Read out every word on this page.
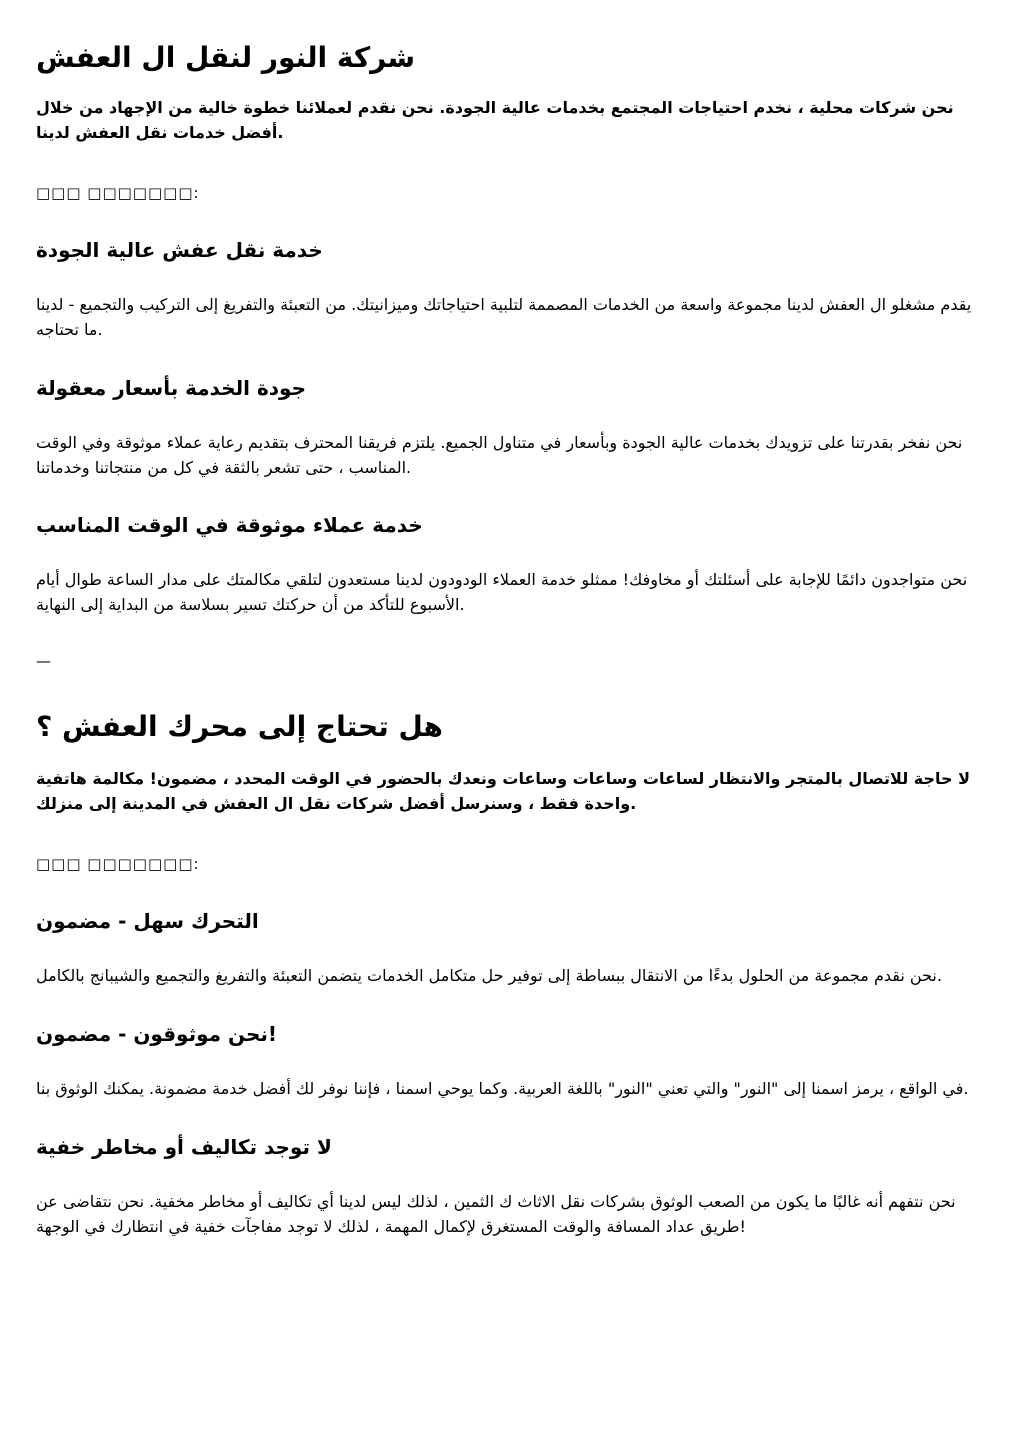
شركة النور لنقل ال العفش

نحن شركات محلية ، نخدم احتياجات المجتمع بخدمات عالية الجودة. نحن نقدم لعملائنا خطوة خالية من الإجهاد من خلال أفضل خدمات نقل العفش لدينا.

□□□ □□□□□□□:

خدمة نقل عفش عالية الجودة

يقدم مشغلو ال العفش لدينا مجموعة واسعة من الخدمات المصممة لتلبية احتياجاتك وميزانيتك. من التعبئة والتفريغ إلى التركيب والتجميع - لدينا ما تحتاجه.

جودة الخدمة بأسعار معقولة

نحن نفخر بقدرتنا على تزويدك بخدمات عالية الجودة وبأسعار في متناول الجميع. يلتزم فريقنا المحترف بتقديم رعاية عملاء موثوقة وفي الوقت المناسب ، حتى تشعر بالثقة في كل من منتجاتنا وخدماتنا.

خدمة عملاء موثوقة في الوقت المناسب

نحن متواجدون دائمًا للإجابة على أسئلتك أو مخاوفك! ممثلو خدمة العملاء الودودون لدينا مستعدون لتلقي مكالمتك على مدار الساعة طوال أيام الأسبوع للتأكد من أن حركتك تسير بسلاسة من البداية إلى النهاية.

—
هل تحتاج إلى محرك العفش ؟

لا حاجة للاتصال بالمتجر والانتظار لساعات وساعات وساعات ونعدك بالحضور في الوقت المحدد ، مضمون! مكالمة هاتفية واحدة فقط ، وسنرسل أفضل شركات نقل ال العفش في المدينة إلى منزلك.

□□□ □□□□□□□:

التحرك سهل - مضمون

نحن نقدم مجموعة من الحلول بدءًا من الانتقال ببساطة إلى توفير حل متكامل الخدمات يتضمن التعبئة والتفريغ والتجميع والشيبانج بالكامل.

نحن موثوقون - مضمون!

في الواقع ، يرمز اسمنا إلى "النور" والتي تعني "النور" باللغة العربية. وكما يوحي اسمنا ، فإننا نوفر لك أفضل خدمة مضمونة. يمكنك الوثوق بنا.

لا توجد تكاليف أو مخاطر خفية

نحن نتفهم أنه غالبًا ما يكون من الصعب الوثوق بشركات نقل الاثاث ك الثمين ، لذلك ليس لدينا أي تكاليف أو مخاطر مخفية. نحن نتقاضى عن طريق عداد المسافة والوقت المستغرق لإكمال المهمة ، لذلك لا توجد مفاجآت خفية في انتظارك في الوجهة!
